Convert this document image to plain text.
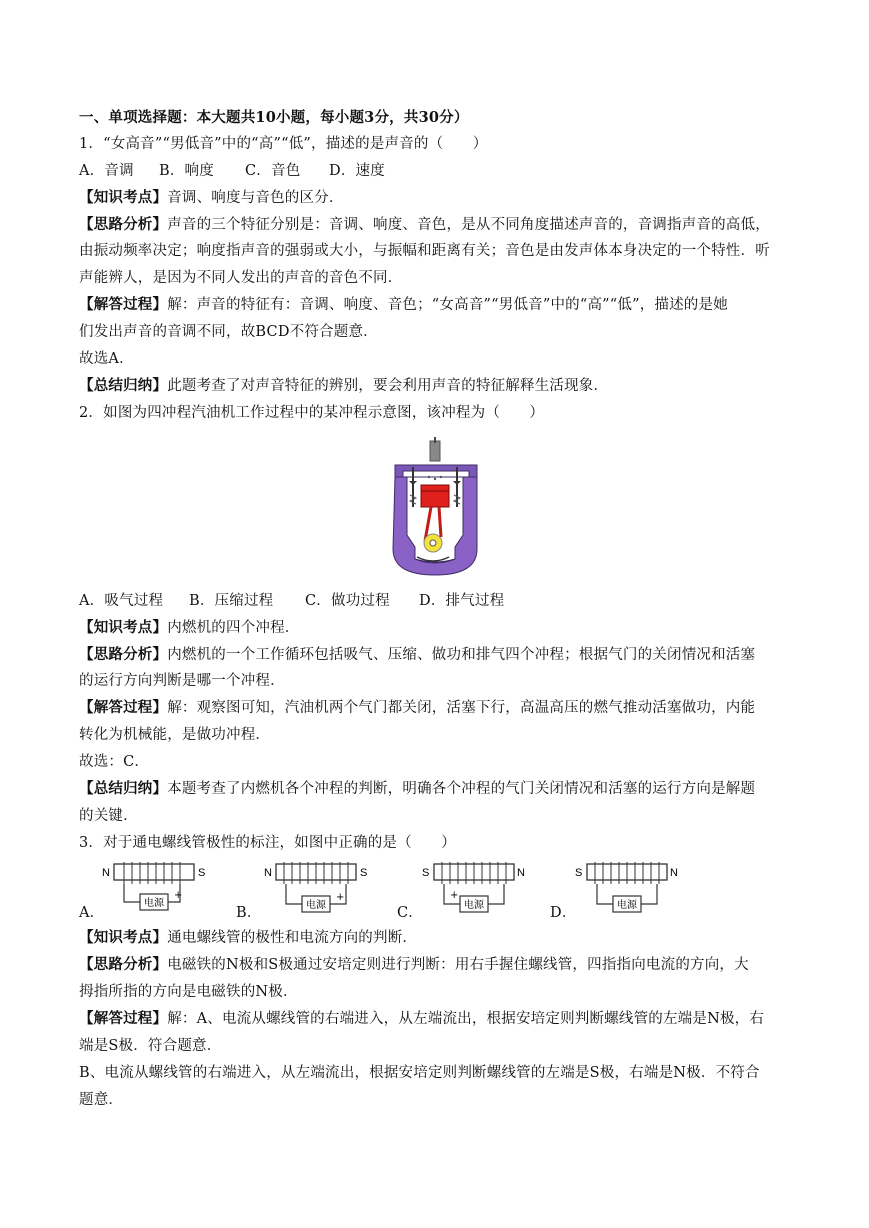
一、单项选择题：本大题共10小题，每小题3分，共30分）
1．“女高音”“男低音”中的“高”“低”，描述的是声音的（　　）
A．音调 B．响度 C．音色 D．速度
【知识考点】音调、响度与音色的区分．
【思路分析】声音的三个特征分别是：音调、响度、音色，是从不同角度描述声音的，音调指声音的高低，
由振动频率决定；响度指声音的强弱或大小，与振幅和距离有关；音色是由发声体本身决定的一个特性．听
声能辨人，是因为不同人发出的声音的音色不同．
【解答过程】解：声音的特征有：音调、响度、音色；“女高音”“男低音”中的“高”“低”，描述的是她
们发出声音的音调不同，故BCD不符合题意．
故选A．
【总结归纳】此题考查了对声音特征的辨别，要会利用声音的特征解释生活现象．
2．如图为四冲程汽油机工作过程中的某冲程示意图，该冲程为（　　）
A．吸气过程 B．压缩过程 C．做功过程 D．排气过程
【知识考点】内燃机的四个冲程．
【思路分析】内燃机的一个工作循环包括吸气、压缩、做功和排气四个冲程；根据气门的关闭情况和活塞
的运行方向判断是哪一个冲程．
【解答过程】解：观察图可知，汽油机两个气门都关闭，活塞下行，高温高压的燃气推动活塞做功，内能
转化为机械能，是做功冲程．
故选：C．
【总结归纳】本题考查了内燃机各个冲程的判断，明确各个冲程的气门关闭情况和活塞的运行方向是解题
的关键．
3．对于通电螺线管极性的标注，如图中正确的是（　　）
A．	B．	C．	D．
N	S
电源
+
N	S
电源
+
S	N
电源
+
S	N
电源
【知识考点】通电螺线管的极性和电流方向的判断．
【思路分析】电磁铁的N极和S极通过安培定则进行判断：用右手握住螺线管，四指指向电流的方向，大
拇指所指的方向是电磁铁的N极．
【解答过程】解：A、电流从螺线管的右端进入，从左端流出，根据安培定则判断螺线管的左端是N极，右
端是S极．符合题意．
B、电流从螺线管的右端进入，从左端流出，根据安培定则判断螺线管的左端是S极，右端是N极．不符合
题意．
